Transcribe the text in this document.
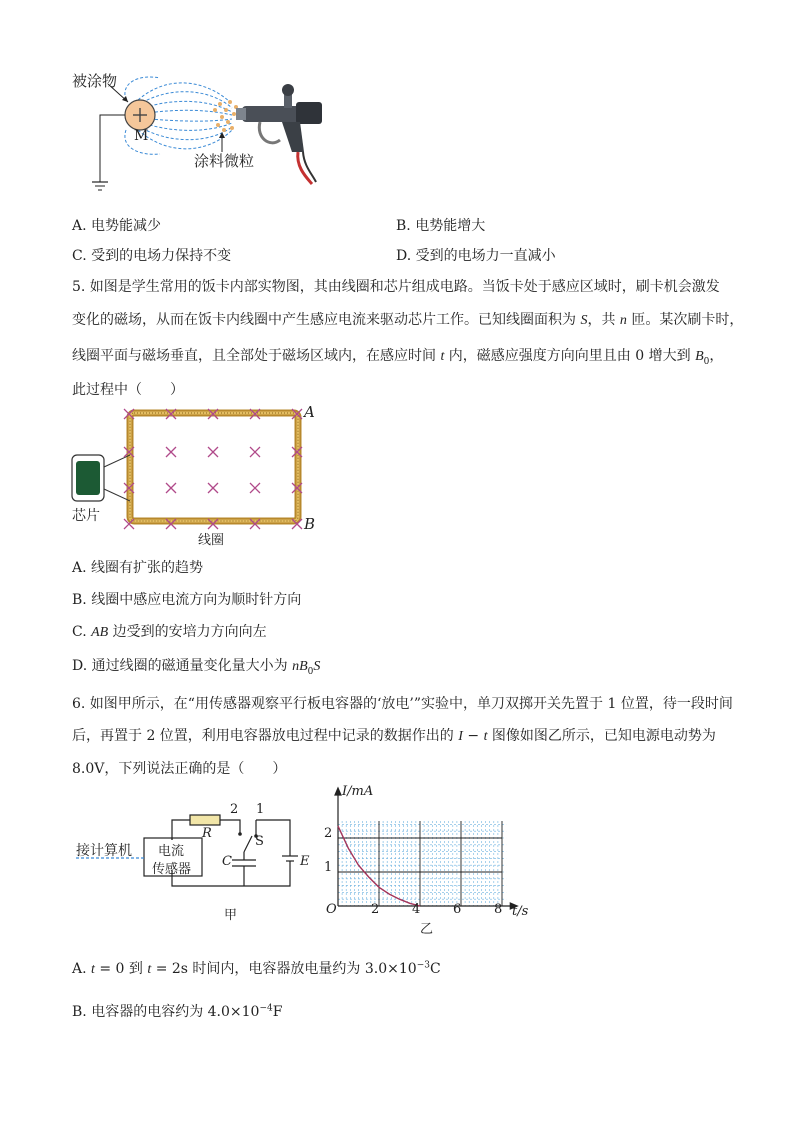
被涂物
M
涂料微粒
A. 电势能减少	B. 电势能增大
C. 受到的电场力保持不变	D. 受到的电场力一直减小
5. 如图是学生常用的饭卡内部实物图，其由线圈和芯片组成电路。当饭卡处于感应区域时，刷卡机会激发
变化的磁场，从而在饭卡内线圈中产生感应电流来驱动芯片工作。已知线圈面积为 S，共 n 匝。某次刷卡时，
线圈平面与磁场垂直，且全部处于磁场区域内，在感应时间 t 内，磁感应强度方向向里且由 0 增大到 $B_0$，
此过程中（　　）
A
B
芯片
线圈
A. 线圈有扩张的趋势
B. 线圈中感应电流方向为顺时针方向
C. AB 边受到的安培力方向向左
D. 通过线圈的磁通量变化量大小为 $nB_0S$
6. 如图甲所示，在“用传感器观察平行板电容器的‘放电’”实验中，单刀双掷开关先置于 1 位置，待一段时间
后，再置于 2 位置，利用电容器放电过程中记录的数据作出的 I − t 图像如图乙所示，已知电源电动势为
8.0V，下列说法正确的是（　　）
2 1
R
S
C	E
接计算机 电流
传感器
甲
I/mA
t/s
O
1
2
2	4	6	8
乙
A. t = 0 到 t = 2s 时间内，电容器放电量约为 $3.0\times 10^{-3}C$
B. 电容器的电容约为 $4.0\times 10^{-4}F$
